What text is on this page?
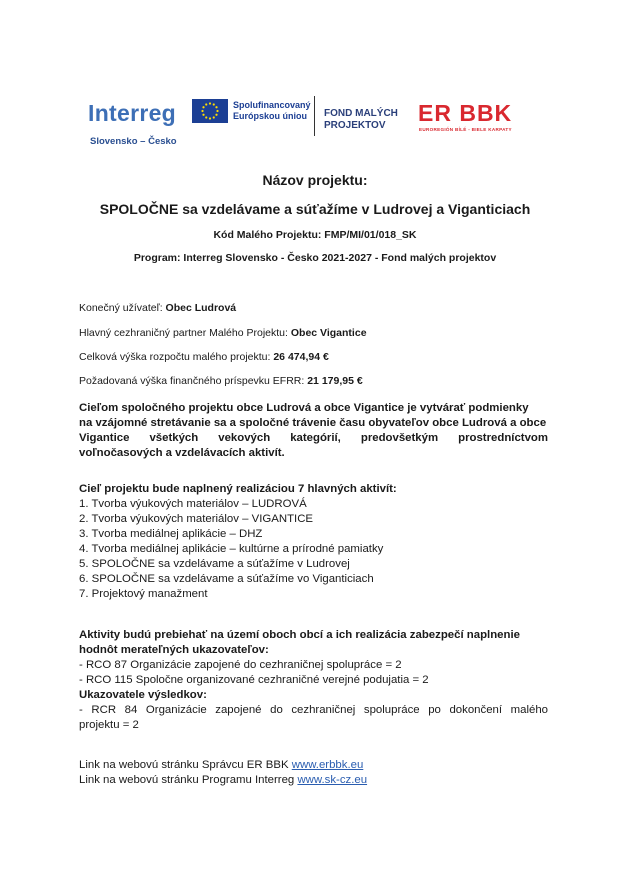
Interreg
Slovensko – Česko
Spolufinancovaný
Európskou úniou	FOND MALÝCH
PROJEKTOV	ER BBK
EUROREGIÓN BÍLÉ - BIELE KARPATY
Názov projektu:
SPOLOČNE sa vzdelávame a súťažíme v Ludrovej a Viganticiach
Kód Malého Projektu: FMP/MI/01/018_SK
Program: Interreg Slovensko - Česko 2021-2027 - Fond malých projektov
Konečný užívateľ: Obec Ludrová
Hlavný cezhraničný partner Malého Projektu: Obec Vigantice
Celková výška rozpočtu malého projektu: 26 474,94 €
Požadovaná výška finančného príspevku EFRR: 21 179,95 €
Cieľom spoločného projektu obce Ludrová a obce Vigantice je vytvárať podmienky
na vzájomné stretávanie sa a spoločné trávenie času obyvateľov obce Ludrová a obce
Vigantice všetkých vekových kategórií, predovšetkým prostredníctvom
voľnočasových a vzdelávacích aktivít.
Cieľ projektu bude naplnený realizáciou 7 hlavných aktivít:
1. Tvorba výukových materiálov – LUDROVÁ
2. Tvorba výukových materiálov – VIGANTICE
3. Tvorba mediálnej aplikácie – DHZ
4. Tvorba mediálnej aplikácie – kultúrne a prírodné pamiatky
5. SPOLOČNE sa vzdelávame a súťažíme v Ludrovej
6. SPOLOČNE sa vzdelávame a súťažíme vo Viganticiach
7. Projektový manažment
Aktivity budú prebiehať na území oboch obcí a ich realizácia zabezpečí naplnenie
hodnôt merateľných ukazovateľov:
- RCO 87 Organizácie zapojené do cezhraničnej spolupráce = 2
- RCO 115 Spoločne organizované cezhraničné verejné podujatia = 2
Ukazovatele výsledkov:
- RCR 84 Organizácie zapojené do cezhraničnej spolupráce po dokončení malého
projektu = 2
Link na webovú stránku Správcu ER BBK www.erbbk.eu
Link na webovú stránku Programu Interreg www.sk-cz.eu
